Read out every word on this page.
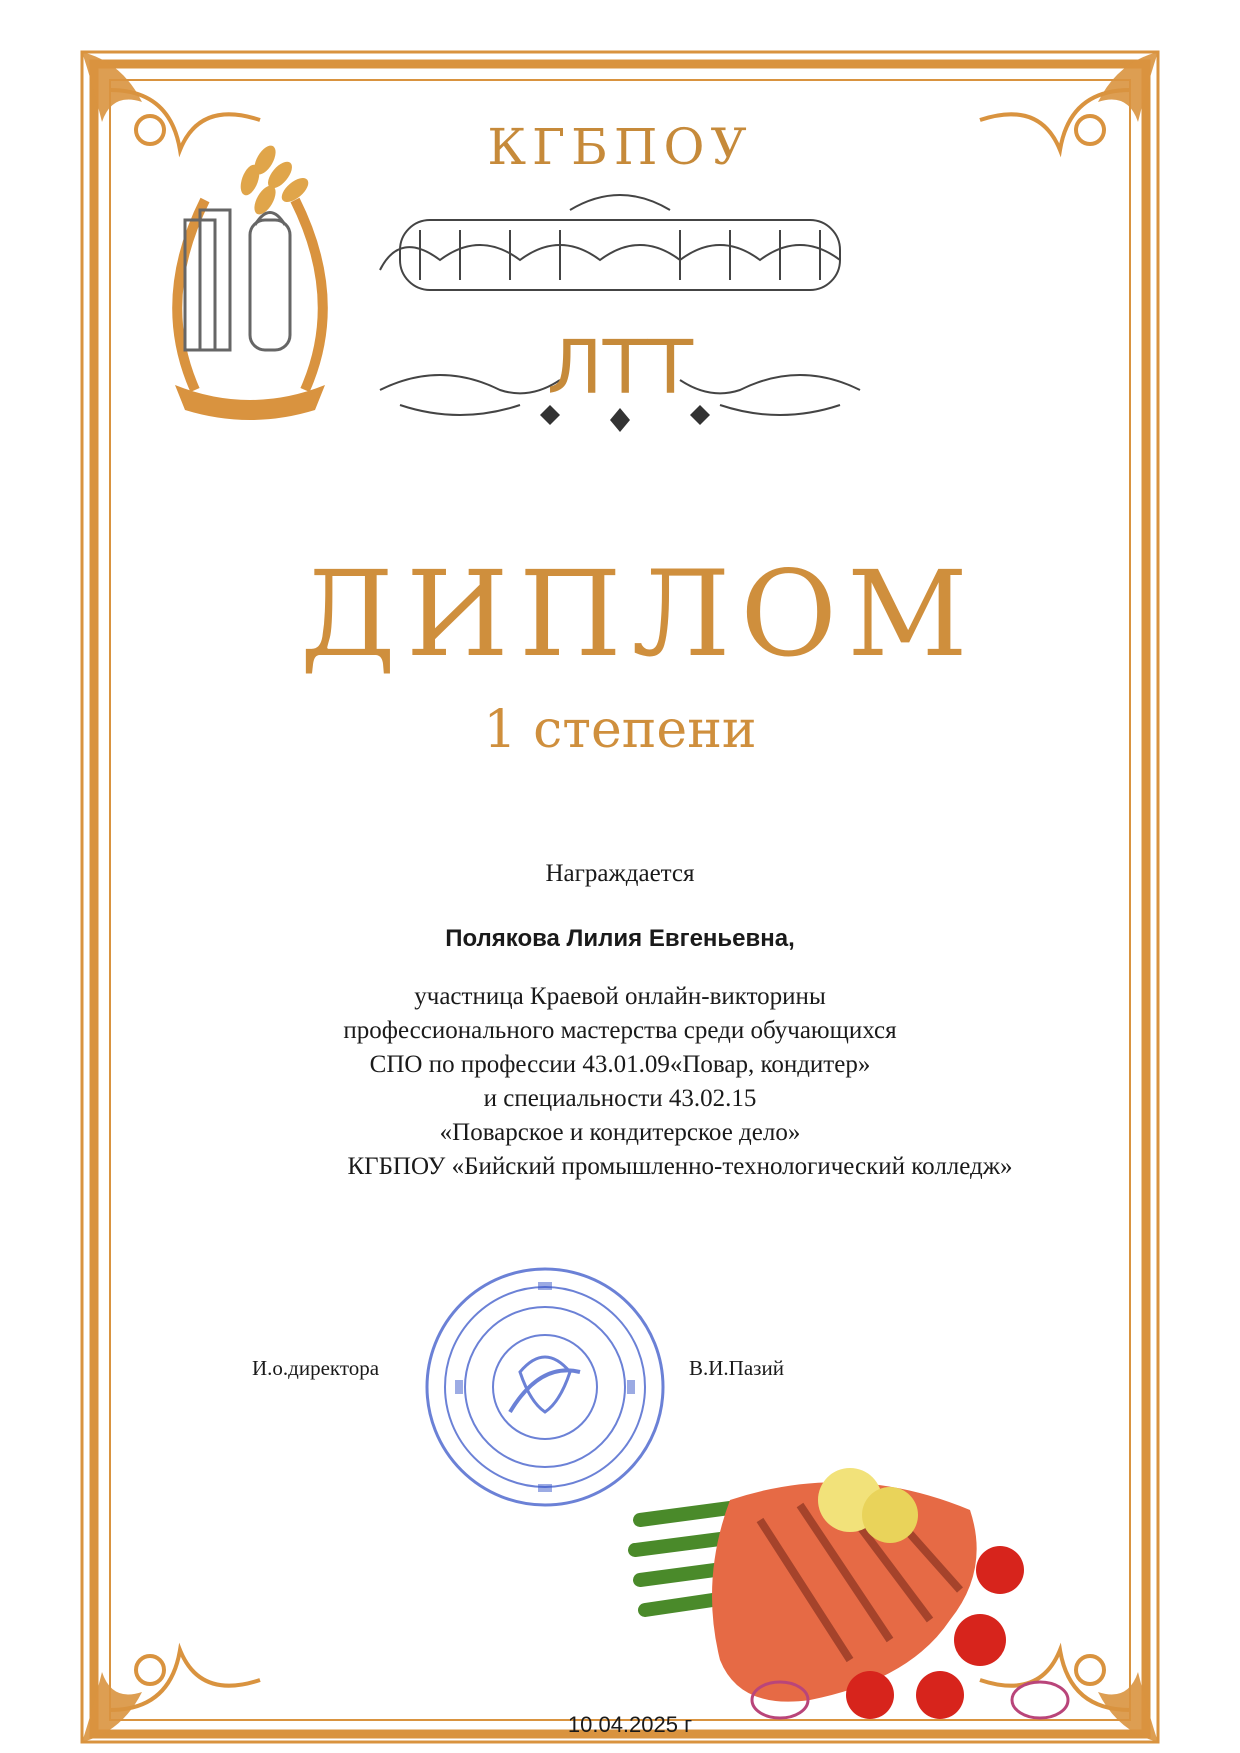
КГБПОУ
ЛТТ
ДИПЛОМ
1 степени
Награждается
Полякова Лилия Евгеньевна,
участница Краевой онлайн-викторины
профессионального мастерства среди обучающихся
СПО по профессии 43.01.09«Повар, кондитер»
и специальности 43.02.15
«Поварское и кондитерское дело»
КГБПОУ «Бийский промышленно-технологический колледж»
И.о.директора	В.И.Пазий
10.04.2025 г
